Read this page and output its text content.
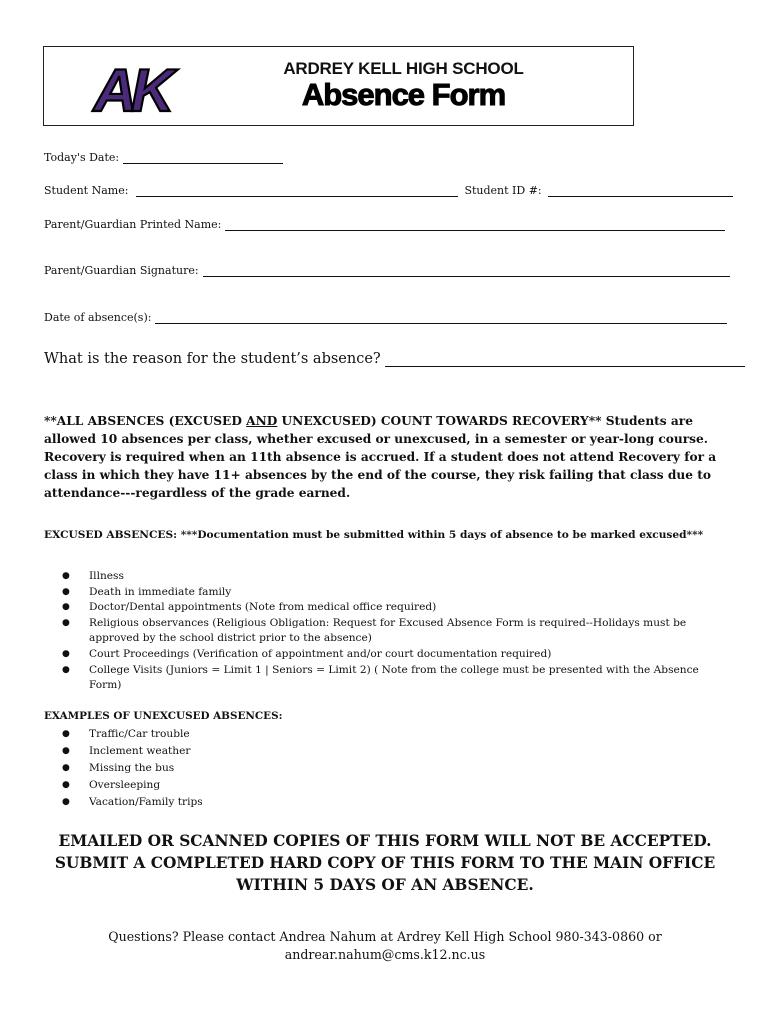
AK	ARDREY KELL HIGH SCHOOL
Absence Form
Today's Date:
Student Name:	Student ID #:
Parent/Guardian Printed Name:
Parent/Guardian Signature:
Date of absence(s):
What is the reason for the student’s absence?
**ALL ABSENCES (EXCUSED AND UNEXCUSED) COUNT TOWARDS RECOVERY** Students are allowed 10 absences per class, whether excused or unexcused, in a semester or year-long course. Recovery is required when an 11th absence is accrued. If a student does not attend Recovery for a class in which they have 11+ absences by the end of the course, they risk failing that class due to attendance---regardless of the grade earned.
EXCUSED ABSENCES: ***Documentation must be submitted within 5 days of absence to be marked excused***
● Illness
● Death in immediate family
● Doctor/Dental appointments (Note from medical office required)
● Religious observances (Religious Obligation: Request for Excused Absence Form is required--Holidays must be approved by the school district prior to the absence)
● Court Proceedings (Verification of appointment and/or court documentation required)
● College Visits (Juniors = Limit 1 | Seniors = Limit 2) ( Note from the college must be presented with the Absence Form)
EXAMPLES OF UNEXCUSED ABSENCES:
● Traffic/Car trouble
● Inclement weather
● Missing the bus
● Oversleeping
● Vacation/Family trips
EMAILED OR SCANNED COPIES OF THIS FORM WILL NOT BE ACCEPTED. SUBMIT A COMPLETED HARD COPY OF THIS FORM TO THE MAIN OFFICE WITHIN 5 DAYS OF AN ABSENCE.
Questions? Please contact Andrea Nahum at Ardrey Kell High School 980-343-0860 or
andrear.nahum@cms.k12.nc.us
